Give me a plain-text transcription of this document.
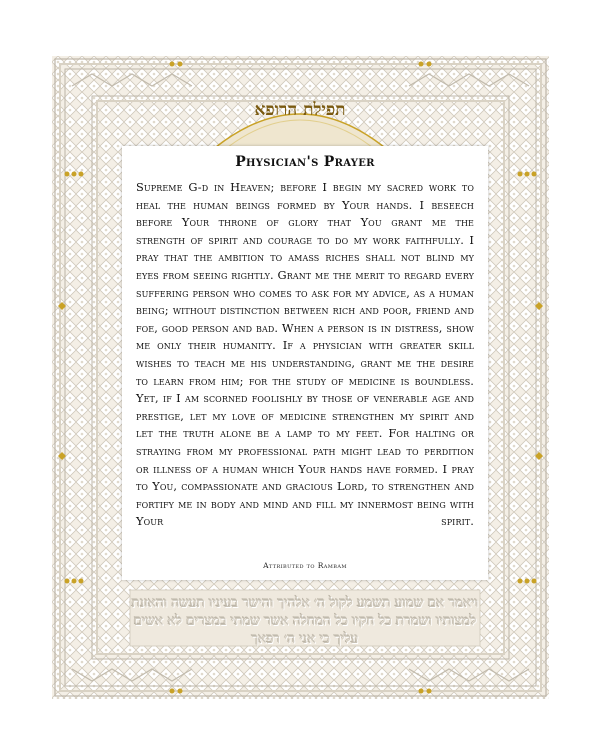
תפילת הרופא
Physician's Prayer
Supreme G-d in Heaven; before I begin my sacred work to heal the human beings formed by Your hands. I beseech before Your throne of glory that You grant me the strength of spirit and courage to do my work faithfully. I pray that the ambition to amass riches shall not blind my eyes from seeing rightly. Grant me the merit to regard every suffering person who comes to ask for my advice, as a human being; without distinction between rich and poor, friend and foe, good person and bad. When a person is in distress, show me only their humanity. If a physician with greater skill wishes to teach me his understanding, grant me the desire to learn from him; for the study of medicine is boundless. Yet, if I am scorned foolishly by those of venerable age and prestige, let my love of medicine strengthen my spirit and let the truth alone be a lamp to my feet. For halting or straying from my professional path might lead to perdition or illness of a human which Your hands have formed. I pray to You, compassionate and gracious Lord, to strengthen and fortify me in body and mind and fill my innermost being with Your spirit.
Attributed to Rambam
ויאמר אם שמוע תשמע לקול ה׳ אלהיך והישר בעיניו תעשה והאזנת למצותיו ושמרת כל חקיו כל המחלה אשר שמתי במצרים לא אשים עליך כי אני ה׳ רפאך
